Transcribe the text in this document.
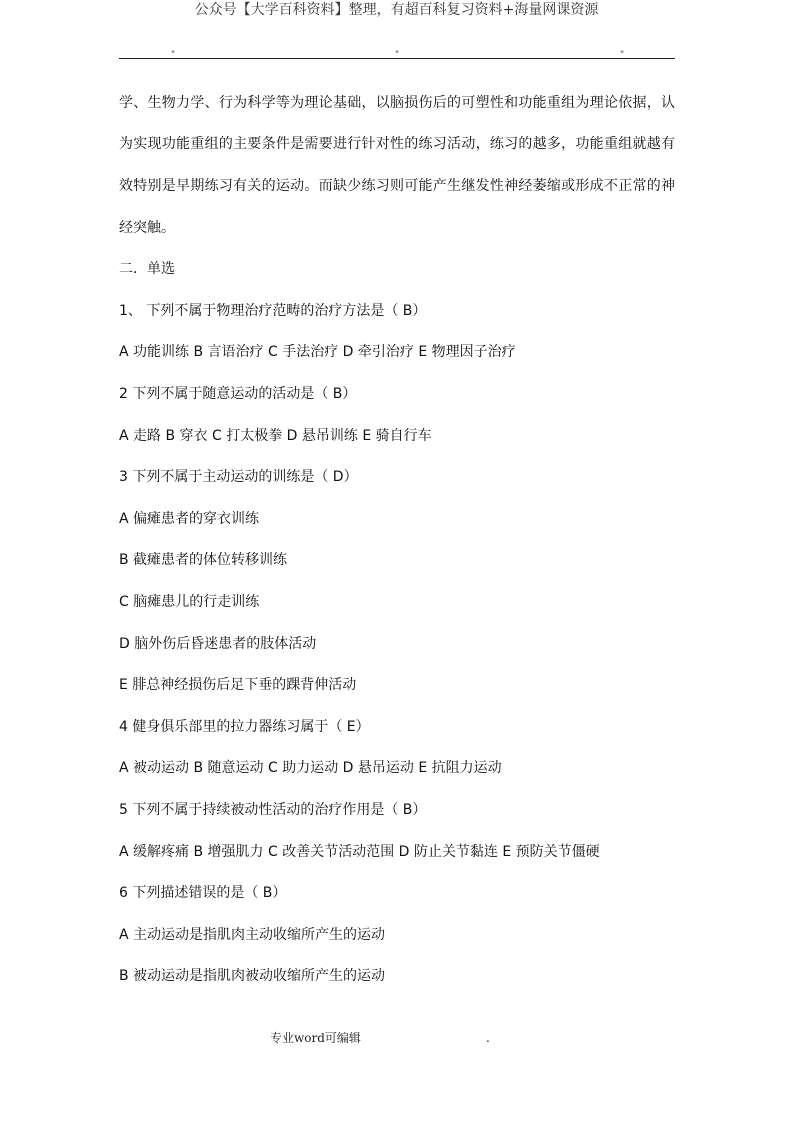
公众号【大学百科资料】整理，有超百科复习资料+海量网课资源
"	"	"
学、生物力学、行为科学等为理论基础，以脑损伤后的可塑性和功能重组为理论依据，认
为实现功能重组的主要条件是需要进行针对性的练习活动，练习的越多，功能重组就越有
效特别是早期练习有关的运动。而缺少练习则可能产生继发性神经萎缩或形成不正常的神
经突触。
二．单选
1、 下列不属于物理治疗范畴的治疗方法是（ B）
A 功能训练 B 言语治疗 C 手法治疗 D 牵引治疗 E 物理因子治疗
2 下列不属于随意运动的活动是（ B）
A 走路 B 穿衣 C 打太极拳 D 悬吊训练 E 骑自行车
3 下列不属于主动运动的训练是（ D）
A 偏瘫患者的穿衣训练
B 截瘫患者的体位转移训练
C 脑瘫患儿的行走训练
D 脑外伤后昏迷患者的肢体活动
E 腓总神经损伤后足下垂的踝背伸活动
4 健身俱乐部里的拉力器练习属于（ E）
A 被动运动 B 随意运动 C 助力运动 D 悬吊运动 E 抗阻力运动
5 下列不属于持续被动性活动的治疗作用是（ B）
A 缓解疼痛 B 增强肌力 C 改善关节活动范围 D 防止关节黏连 E 预防关节僵硬
6 下列描述错误的是（ B）
A 主动运动是指肌肉主动收缩所产生的运动
B 被动运动是指肌肉被动收缩所产生的运动
专业word可编辑	.
